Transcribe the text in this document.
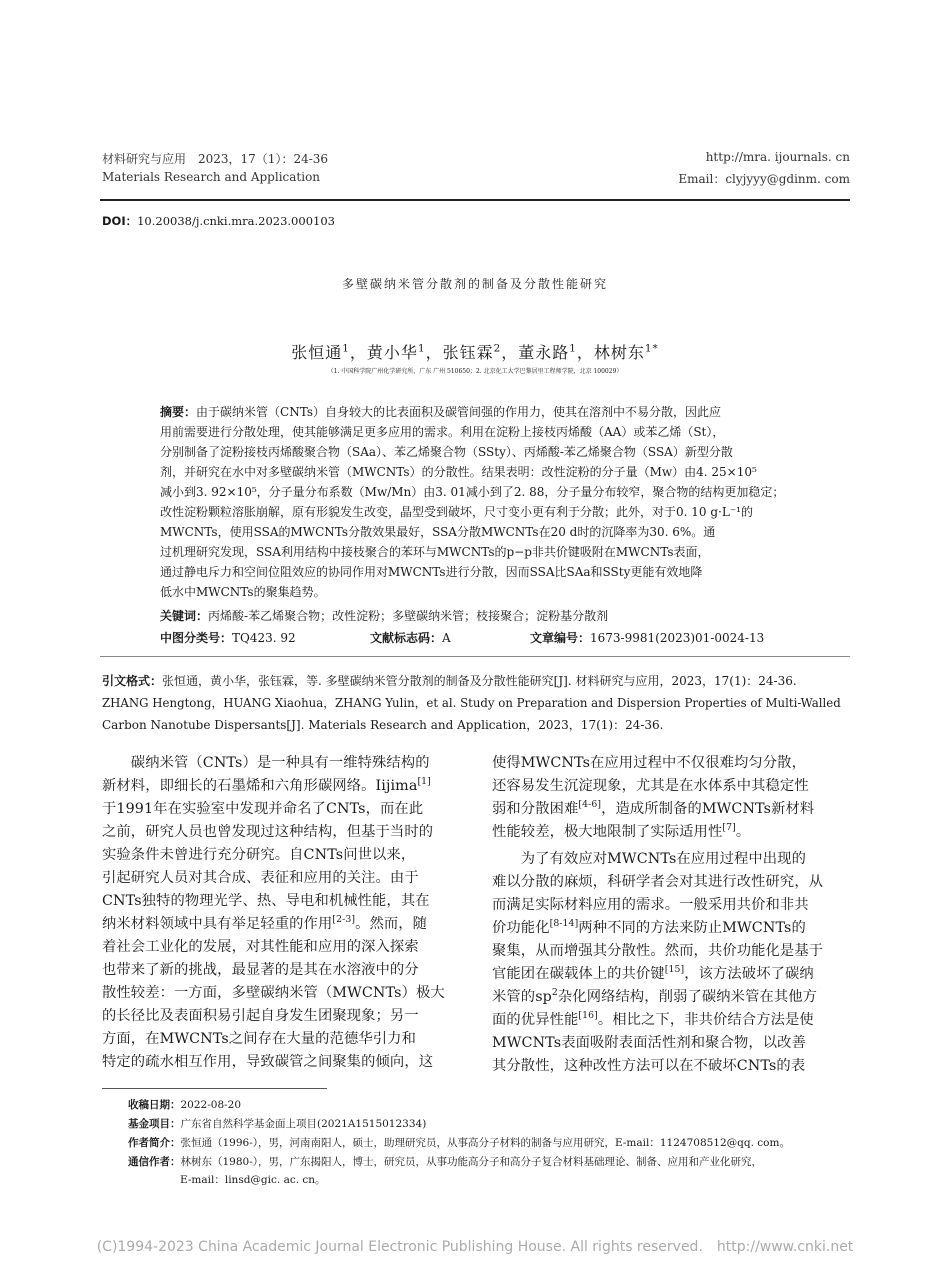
材料研究与应用　2023，17（1）：24-36
Materials Research and Application
http://mra. ijournals. cn
Email：clyjyyy@gdinm. com
DOI：10.20038/j.cnki.mra.2023.000103
多壁碳纳米管分散剂的制备及分散性能研究
张恒通$^1$，黄小华$^1$，张钰霖$^2$，董永路$^1$，林树东$^{1*}$
（1. 中国科学院广州化学研究所，广东 广州 510650；2. 北京化工大学巴黎居里工程师学院，北京 100029）
摘要：由于碳纳米管（CNTs）自身较大的比表面积及碳管间强的作用力，使其在溶剂中不易分散，因此应
用前需要进行分散处理，使其能够满足更多应用的需求。利用在淀粉上接枝丙烯酸（AA）或苯乙烯（St），
分别制备了淀粉接枝丙烯酸聚合物（SAa）、苯乙烯聚合物（SSty）、丙烯酸-苯乙烯聚合物（SSA）新型分散
剂，并研究在水中对多壁碳纳米管（MWCNTs）的分散性。结果表明：改性淀粉的分子量（Mw）由4. 25×10⁵
减小到3. 92×10⁵，分子量分布系数（Mw/Mn）由3. 01减小到了2. 88，分子量分布较窄，聚合物的结构更加稳定；
改性淀粉颗粒溶胀崩解，原有形貌发生改变，晶型受到破坏，尺寸变小更有利于分散；此外，对于0. 10 g·L⁻¹的
MWCNTs，使用SSA的MWCNTs分散效果最好，SSA分散MWCNTs在20 d时的沉降率为30. 6%。通
过机理研究发现，SSA利用结构中接枝聚合的苯环与MWCNTs的p−p非共价键吸附在MWCNTs表面，
通过静电斥力和空间位阻效应的协同作用对MWCNTs进行分散，因而SSA比SAa和SSty更能有效地降
低水中MWCNTs的聚集趋势。
关键词：丙烯酸-苯乙烯聚合物；改性淀粉；多壁碳纳米管；枝接聚合；淀粉基分散剂
中图分类号：TQ423. 92	文献标志码：A	文章编号：1673-9981(2023)01-0024-13
引文格式：张恒通，黄小华，张钰霖，等. 多壁碳纳米管分散剂的制备及分散性能研究[J]. 材料研究与应用，2023，17(1)：24-36.
ZHANG Hengtong，HUANG Xiaohua，ZHANG Yulin，et al. Study on Preparation and Dispersion Properties of Multi-Walled
Carbon Nanotube Dispersants[J]. Materials Research and Application，2023，17(1)：24-36.
　　碳纳米管（CNTs）是一种具有一维特殊结构的
新材料，即细长的石墨烯和六角形碳网络。Iijima[1]
于1991年在实验室中发现并命名了CNTs，而在此
之前，研究人员也曾发现过这种结构，但基于当时的
实验条件未曾进行充分研究。自CNTs问世以来，
引起研究人员对其合成、表征和应用的关注。由于
CNTs独特的物理光学、热、导电和机械性能，其在
纳米材料领域中具有举足轻重的作用[2-3]。然而，随
着社会工业化的发展，对其性能和应用的深入探索
也带来了新的挑战，最显著的是其在水溶液中的分
散性较差：一方面，多壁碳纳米管（MWCNTs）极大
的长径比及表面积易引起自身发生团聚现象；另一
方面，在MWCNTs之间存在大量的范德华引力和
特定的疏水相互作用，导致碳管之间聚集的倾向，这
使得MWCNTs在应用过程中不仅很难均匀分散，
还容易发生沉淀现象，尤其是在水体系中其稳定性
弱和分散困难[4-6]，造成所制备的MWCNTs新材料
性能较差，极大地限制了实际适用性[7]。
　　为了有效应对MWCNTs在应用过程中出现的
难以分散的麻烦，科研学者会对其进行改性研究，从
而满足实际材料应用的需求。一般采用共价和非共
价功能化[8-14]两种不同的方法来防止MWCNTs的
聚集，从而增强其分散性。然而，共价功能化是基于
官能团在碳载体上的共价键[15]，该方法破坏了碳纳
米管的$sp^2$杂化网络结构，削弱了碳纳米管在其他方
面的优异性能[16]。相比之下，非共价结合方法是使
MWCNTs表面吸附表面活性剂和聚合物，以改善
其分散性，这种改性方法可以在不破坏CNTs的表
收稿日期：2022-08-20
基金项目：广东省自然科学基金面上项目(2021A1515012334)
作者简介：张恒通（1996-），男，河南南阳人，硕士，助理研究员，从事高分子材料的制备与应用研究，E-mail：1124708512@qq. com。
通信作者：林树东（1980-），男，广东揭阳人，博士，研究员，从事功能高分子和高分子复合材料基础理论、制备、应用和产业化研究，
E-mail：linsd@gic. ac. cn。
(C)1994-2023 China Academic Journal Electronic Publishing House. All rights reserved.　http://www.cnki.net
